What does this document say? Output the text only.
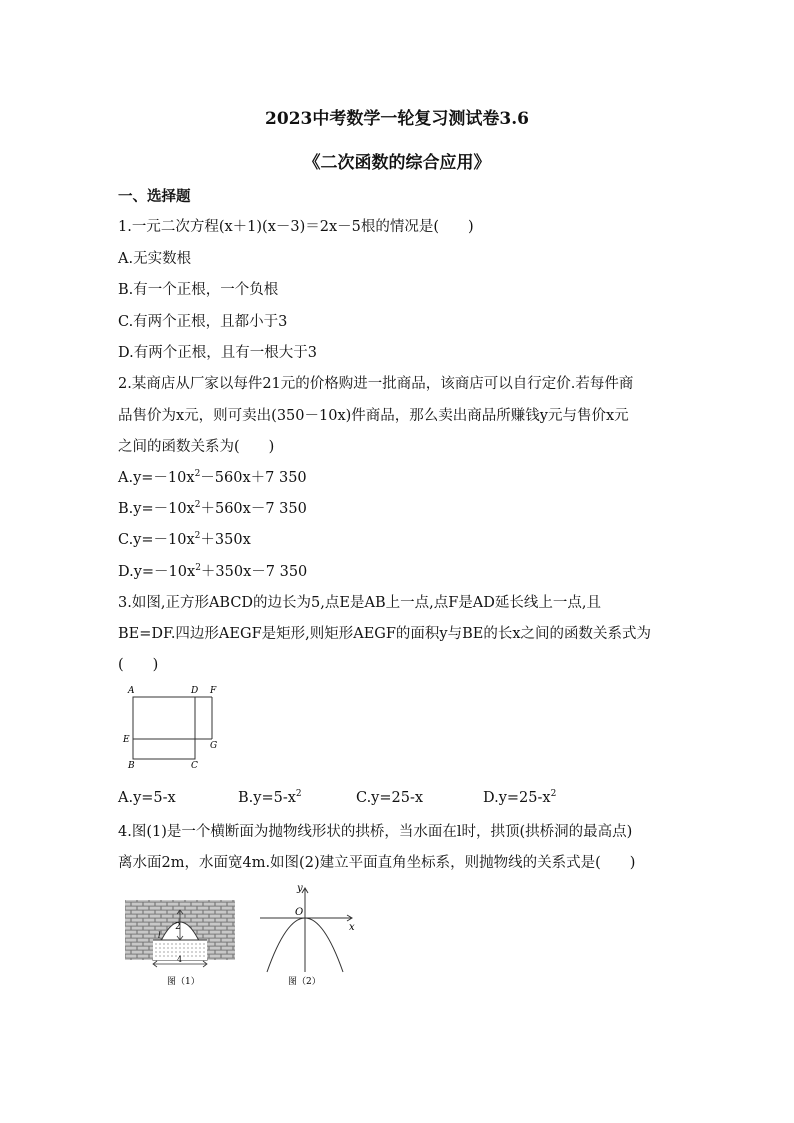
2023中考数学一轮复习测试卷3.6
《二次函数的综合应用》
一、选择题
1.一元二次方程(x＋1)(x－3)＝2x－5根的情况是(　　)
A.无实数根
B.有一个正根，一个负根
C.有两个正根，且都小于3
D.有两个正根，且有一根大于3
2.某商店从厂家以每件21元的价格购进一批商品，该商店可以自行定价.若每件商
品售价为x元，则可卖出(350－10x)件商品，那么卖出商品所赚钱y元与售价x元
之间的函数关系为(　　)
$A.y=-10x^2-560x+7$ 350
$B.y=-10x^2+560x-7$ 350
$C.y=-10x^2+350x$
$D.y=-10x^2+350x-7$ 350
3.如图,正方形ABCD的边长为5,点E是AB上一点,点F是AD延长线上一点,且
BE=DF.四边形AEGF是矩形,则矩形AEGF的面积y与BE的长x之间的函数关系式为
(　　)
A	D F
E
G
B	C
A.y=5-x	$B.y=5-x^2$	C.y=25-x	$D.y=25-x^2$
4.图(1)是一个横断面为抛物线形状的拱桥，当水面在l时，拱顶(拱桥洞的最高点)
离水面2m，水面宽4m.如图(2)建立平面直角坐标系，则抛物线的关系式是(　　)
2
4
l
图（1）
y
x
O
图（2）
